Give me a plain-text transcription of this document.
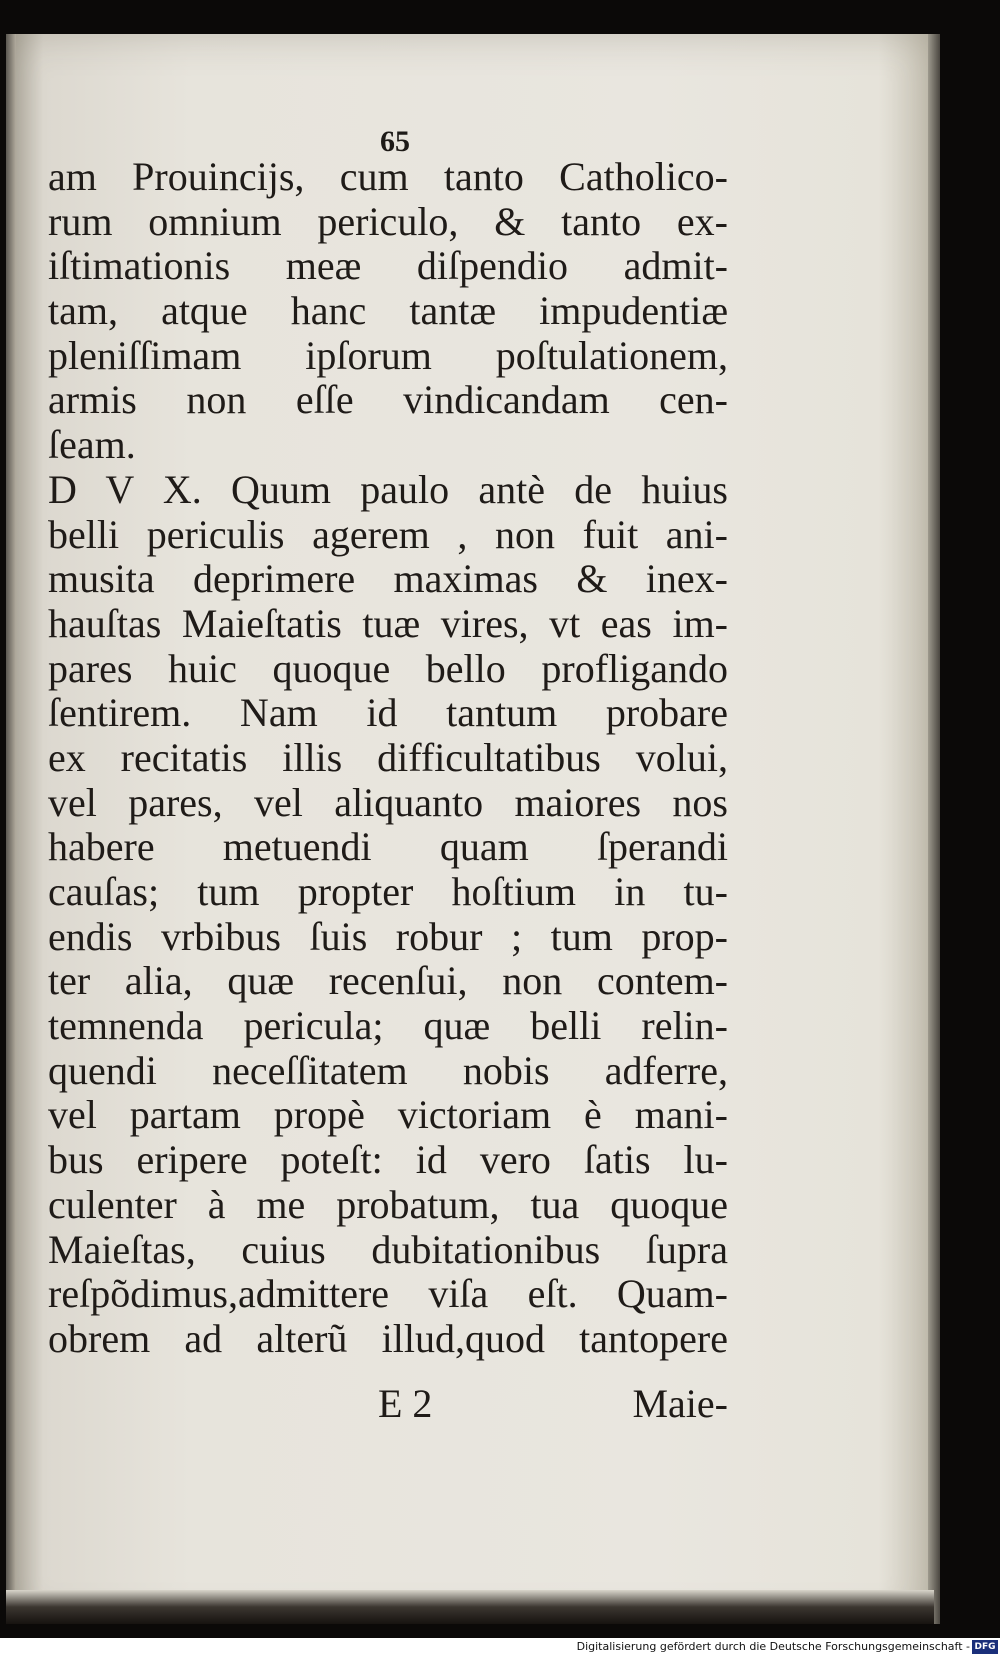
65
am Prouincijs, cum tanto Catholico-
rum omnium periculo, & tanto ex-
iſtimationis meæ diſpendio admit-
tam, atque hanc tantæ impudentiæ
pleniſſimam ipſorum poſtulationem,
armis non eſſe vindicandam cen-
ſeam.
D V X. Quum paulo antè de huius
belli periculis agerem , non fuit ani-
musita deprimere maximas & inex-
hauſtas Maieſtatis tuæ vires, vt eas im-
pares huic quoque bello profligando
ſentirem. Nam id tantum probare
ex recitatis illis difficultatibus volui,
vel pares, vel aliquanto maiores nos
habere metuendi quam ſperandi
cauſas; tum propter hoſtium in tu-
endis vrbibus ſuis robur ; tum prop-
ter alia, quæ recenſui, non contem-
temnenda pericula; quæ belli relin-
quendi neceſſitatem nobis adferre,
vel partam propè victoriam è mani-
bus eripere poteſt: id vero ſatis lu-
culenter à me probatum, tua quoque
Maieſtas, cuius dubitationibus ſupra
reſpõdimus,admittere viſa eſt. Quam-
obrem ad alterũ illud,quod tantopere
E 2	Maie-
Digitalisierung gefördert durch die Deutsche Forschungsgemeinschaft - DFG
